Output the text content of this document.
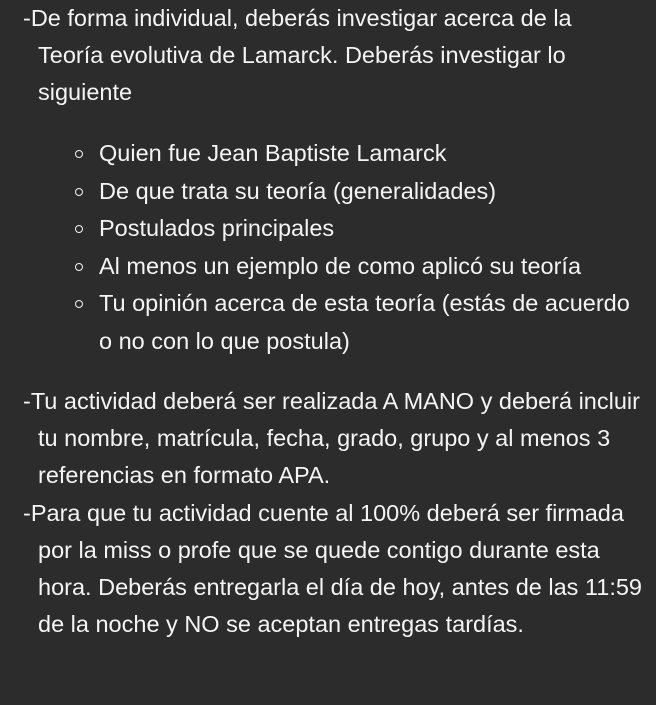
-De forma individual, deberás investigar acerca de la Teoría evolutiva de Lamarck. Deberás investigar lo siguiente

Quien fue Jean Baptiste Lamarck
De que trata su teoría (generalidades)
Postulados principales
Al menos un ejemplo de como aplicó su teoría
Tu opinión acerca de esta teoría (estás de acuerdo o no con lo que postula)

-Tu actividad deberá ser realizada A MANO y deberá incluir tu nombre, matrícula, fecha, grado, grupo y al menos 3 referencias en formato APA.

-Para que tu actividad cuente al 100% deberá ser firmada por la miss o profe que se quede contigo durante esta hora. Deberás entregarla el día de hoy, antes de las 11:59 de la noche y NO se aceptan entregas tardías.
